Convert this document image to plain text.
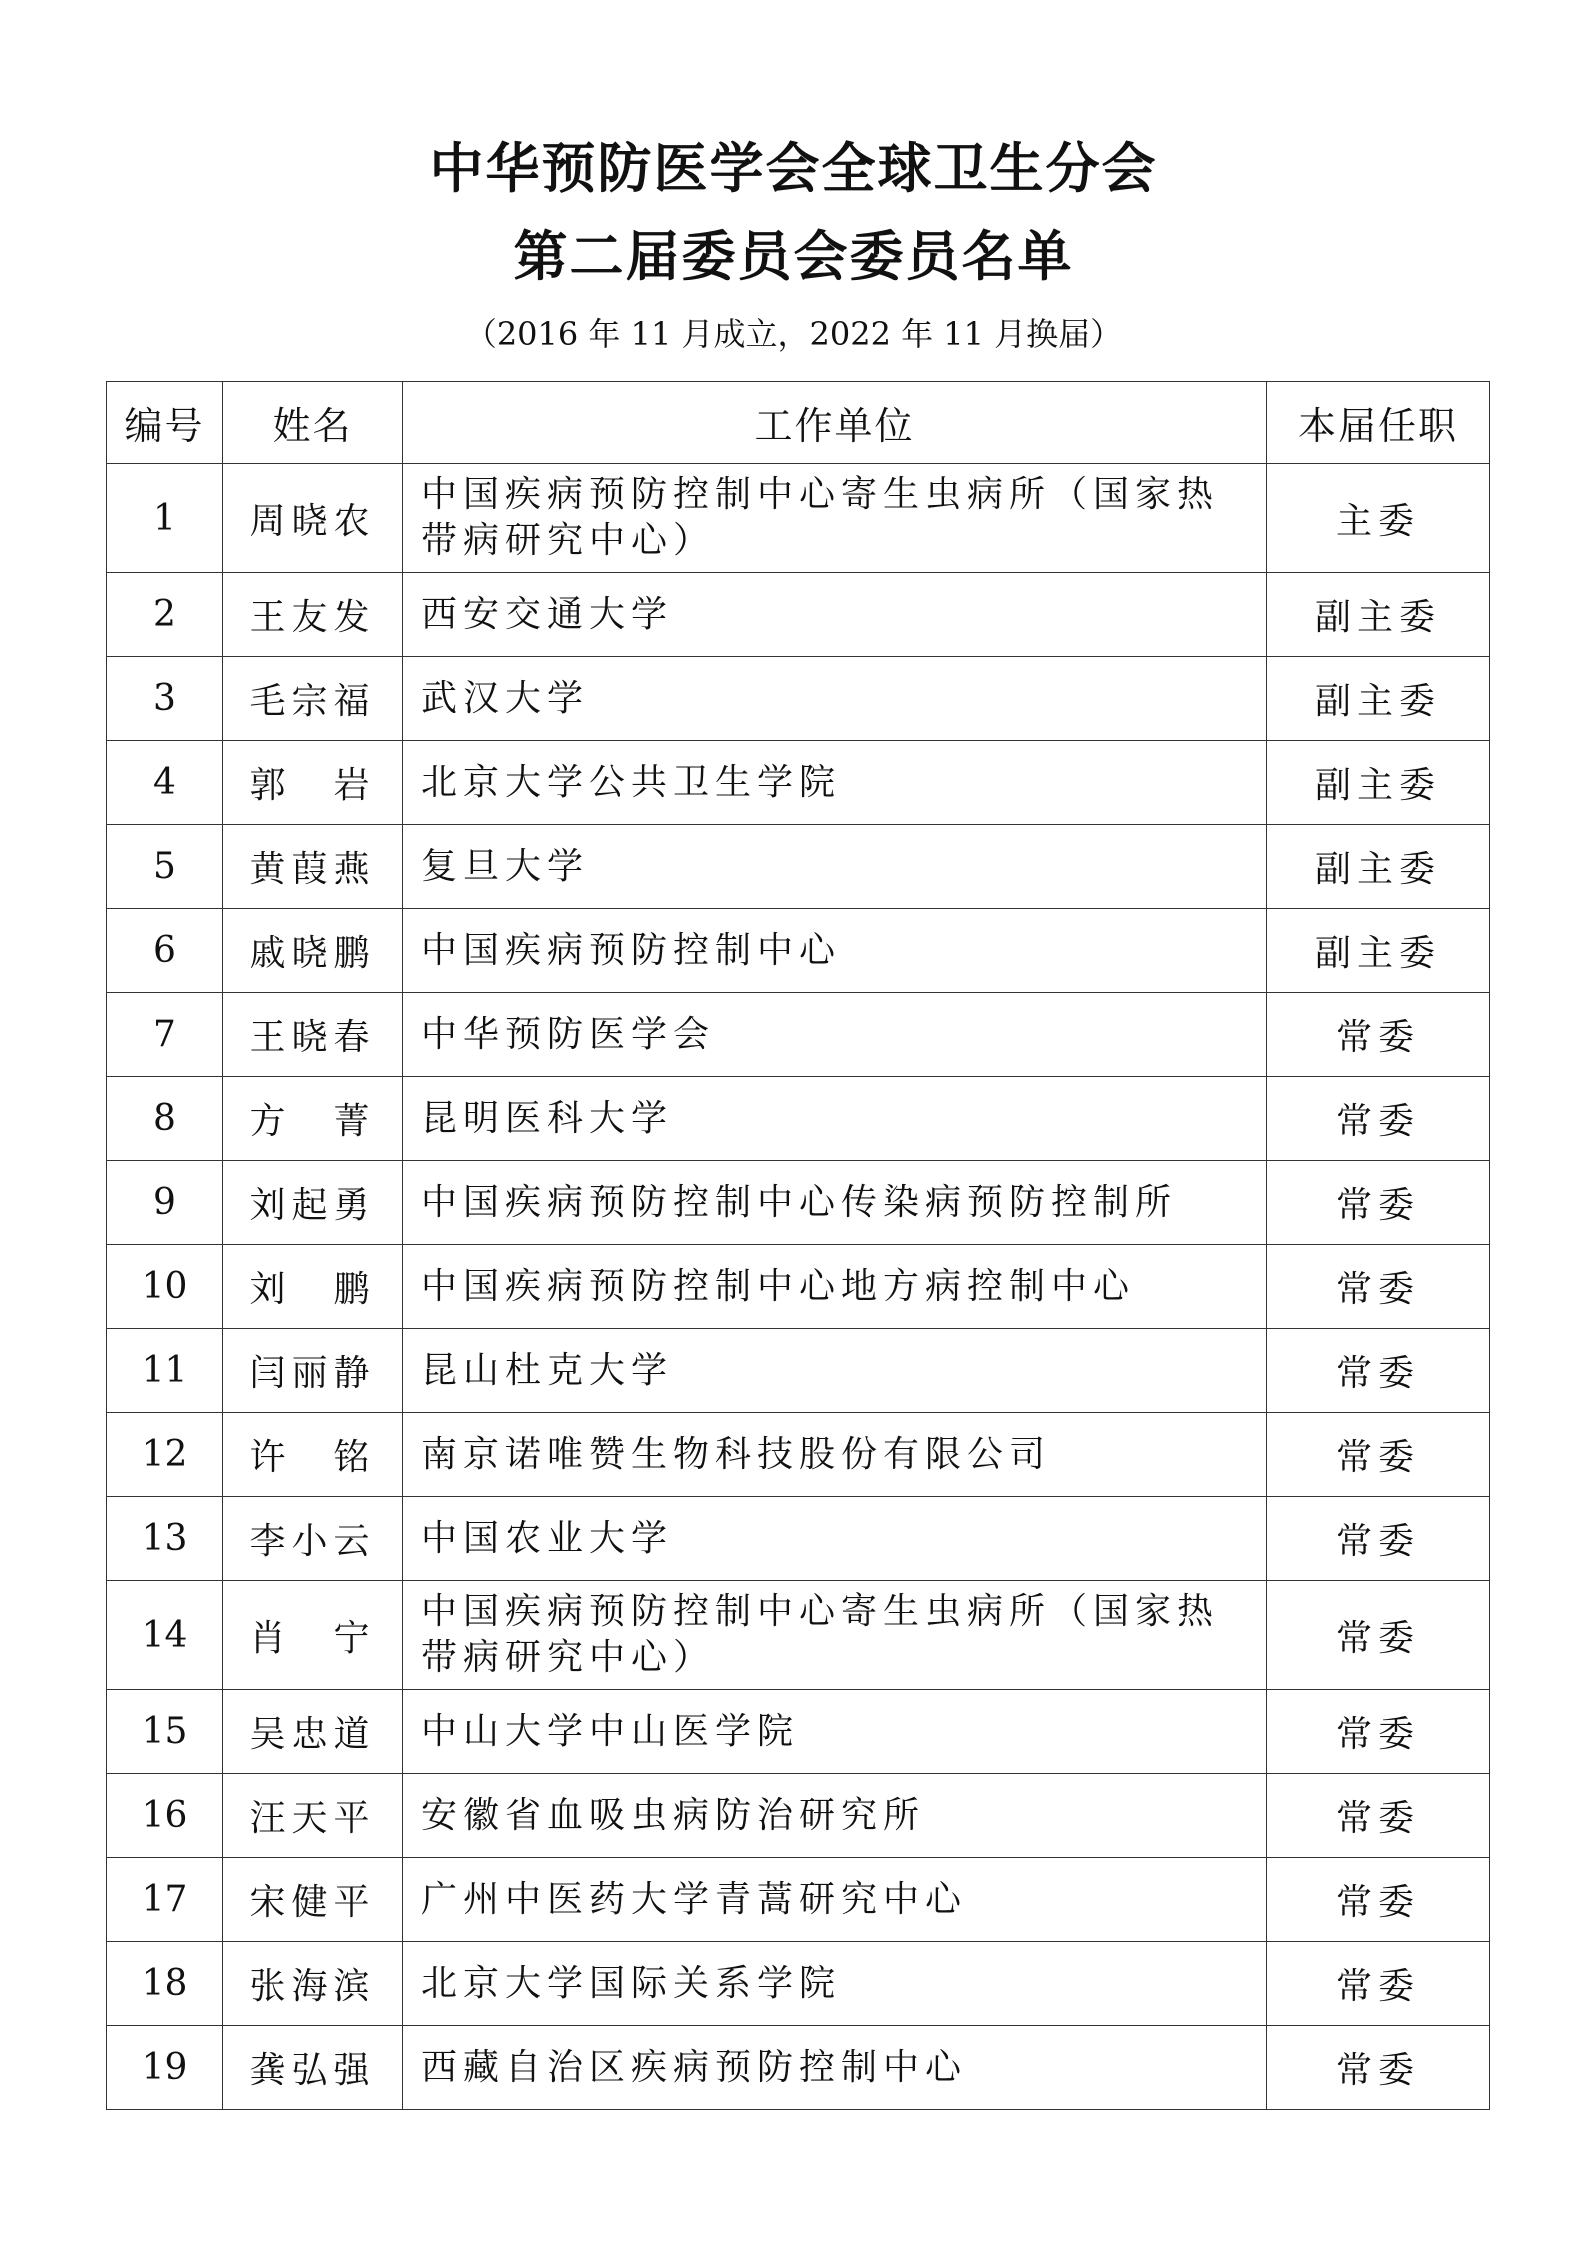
中华预防医学会全球卫生分会
第二届委员会委员名单
（2016 年 11 月成立，2022 年 11 月换届）
编号	姓名	工作单位	本届任职
1	周晓农	中国疾病预防控制中心寄生虫病所（国家热带病研究中心）	主委
2	王友发	西安交通大学	副主委
3	毛宗福	武汉大学	副主委
4	郭　岩	北京大学公共卫生学院	副主委
5	黄葭燕	复旦大学	副主委
6	戚晓鹏	中国疾病预防控制中心	副主委
7	王晓春	中华预防医学会	常委
8	方　菁	昆明医科大学	常委
9	刘起勇	中国疾病预防控制中心传染病预防控制所	常委
10	刘　鹏	中国疾病预防控制中心地方病控制中心	常委
11	闫丽静	昆山杜克大学	常委
12	许　铭	南京诺唯赞生物科技股份有限公司	常委
13	李小云	中国农业大学	常委
14	肖　宁	中国疾病预防控制中心寄生虫病所（国家热带病研究中心）	常委
15	吴忠道	中山大学中山医学院	常委
16	汪天平	安徽省血吸虫病防治研究所	常委
17	宋健平	广州中医药大学青蒿研究中心	常委
18	张海滨	北京大学国际关系学院	常委
19	龚弘强	西藏自治区疾病预防控制中心	常委
